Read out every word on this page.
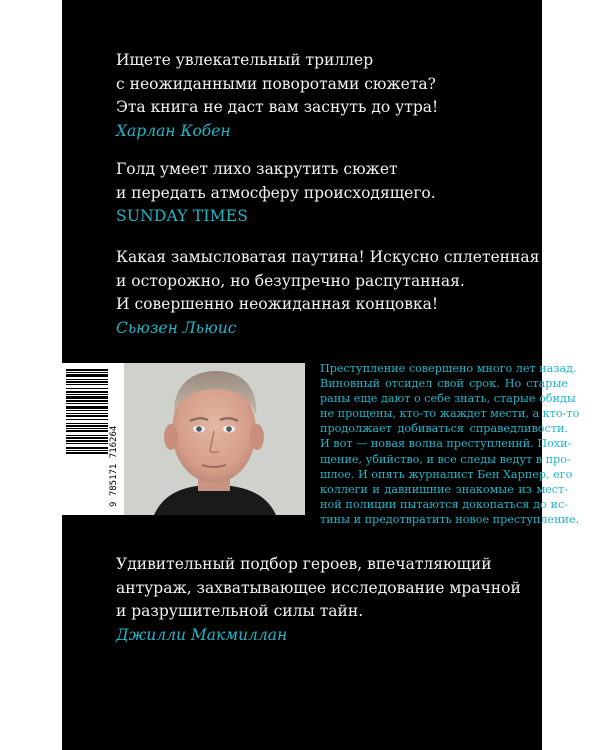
Ищете увлекательный триллер
с неожиданными поворотами сюжета?
Эта книга не даст вам заснуть до утра!
Харлан Кобен
Голд умеет лихо закрутить сюжет
и передать атмосферу происходящего.
SUNDAY TIMES
Какая замысловатая паутина! Искусно сплетенная
и осторожно, но безупречно распутанная.
И совершенно неожиданная концовка!
Сьюзен Льюис
9 785171 716264
Преступление совершено много лет назад.
Виновный отсидел свой срок. Но старые
раны еще дают о себе знать, старые обиды
не прощены, кто-то жаждет мести, а кто-то
продолжает добиваться справедливости.
И вот — новая волна преступлений. Похи-
щение, убийство, и все следы ведут в про-
шлое. И опять журналист Бен Харпер, его
коллеги и давнишние знакомые из мест-
ной полиции пытаются докопаться до ис-
тины и предотвратить новое преступление.
Удивительный подбор героев, впечатляющий
антураж, захватывающее исследование мрачной
и разрушительной силы тайн.
Джилли Макмиллан
